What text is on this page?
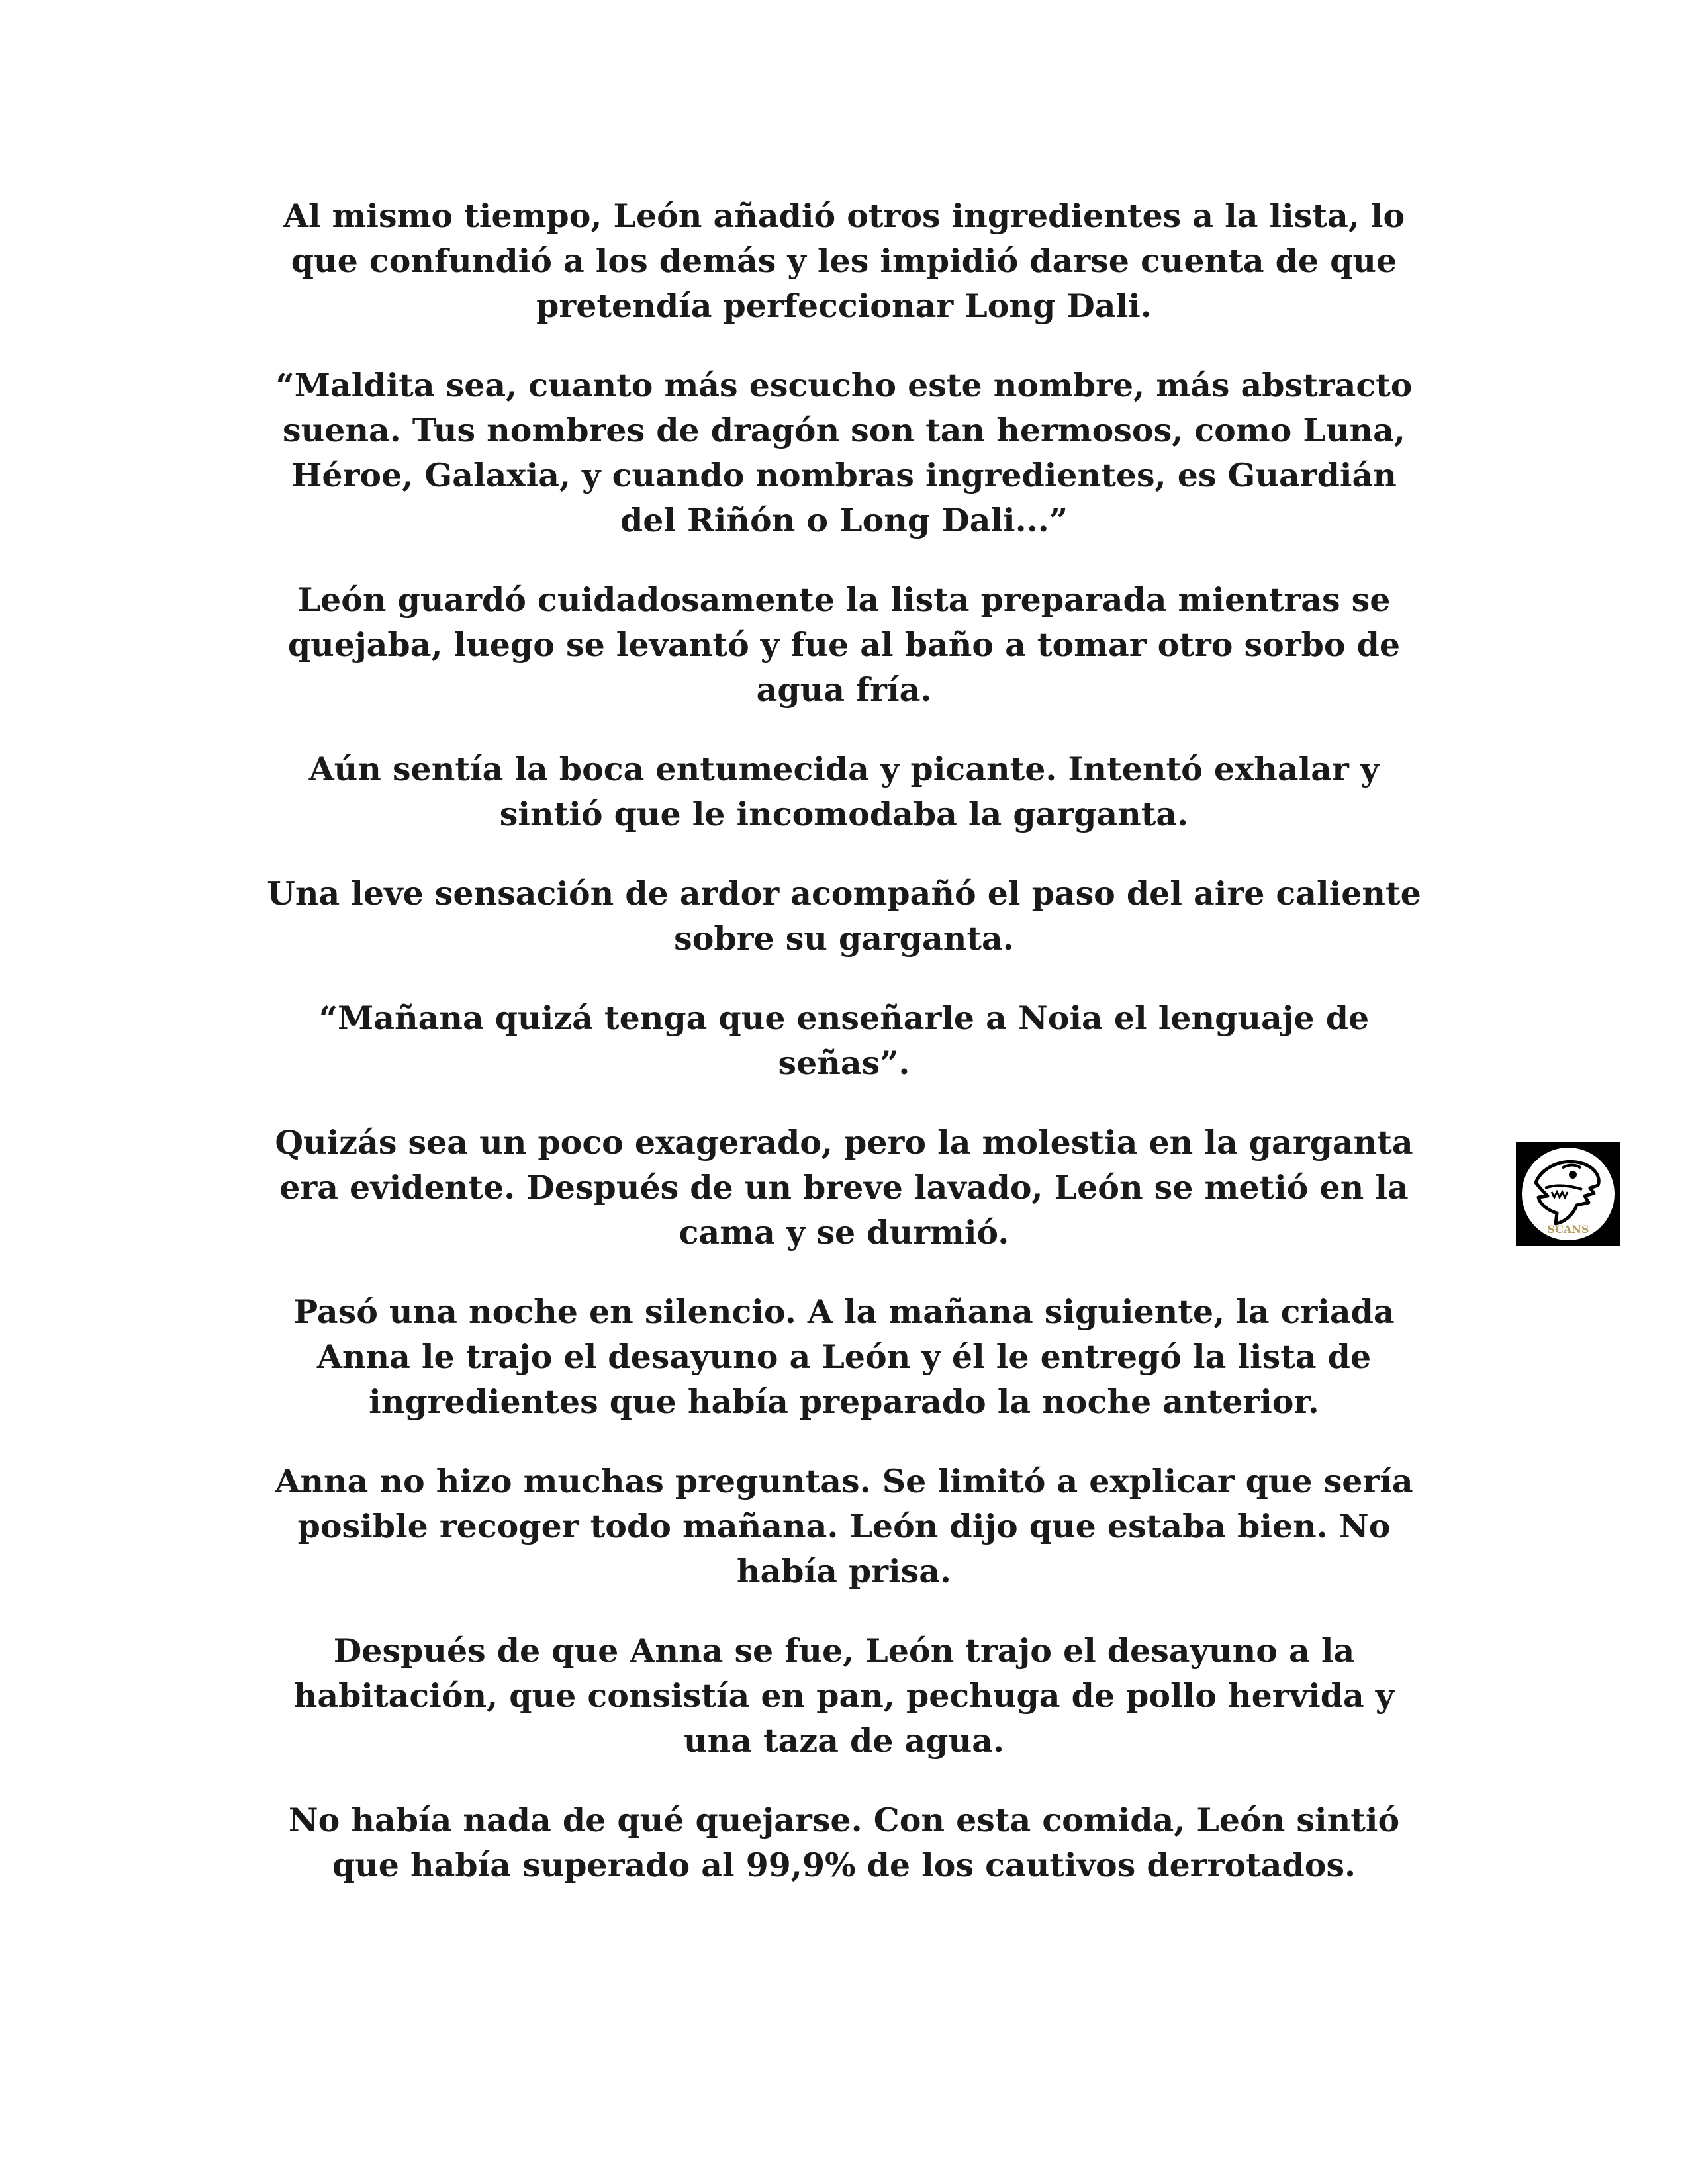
Al mismo tiempo, León añadió otros ingredientes a la lista, lo
que confundió a los demás y les impidió darse cuenta de que
pretendía perfeccionar Long Dali.

“Maldita sea, cuanto más escucho este nombre, más abstracto
suena. Tus nombres de dragón son tan hermosos, como Luna,
Héroe, Galaxia, y cuando nombras ingredientes, es Guardián
del Riñón o Long Dali...”

León guardó cuidadosamente la lista preparada mientras se
quejaba, luego se levantó y fue al baño a tomar otro sorbo de
agua fría.

Aún sentía la boca entumecida y picante. Intentó exhalar y
sintió que le incomodaba la garganta.

Una leve sensación de ardor acompañó el paso del aire caliente
sobre su garganta.

“Mañana quizá tenga que enseñarle a Noia el lenguaje de
señas”.

Quizás sea un poco exagerado, pero la molestia en la garganta
era evidente. Después de un breve lavado, León se metió en la
cama y se durmió.

Pasó una noche en silencio. A la mañana siguiente, la criada
Anna le trajo el desayuno a León y él le entregó la lista de
ingredientes que había preparado la noche anterior.

Anna no hizo muchas preguntas. Se limitó a explicar que sería
posible recoger todo mañana. León dijo que estaba bien. No
había prisa.

Después de que Anna se fue, León trajo el desayuno a la
habitación, que consistía en pan, pechuga de pollo hervida y
una taza de agua.

No había nada de qué quejarse. Con esta comida, León sintió
que había superado al 99,9% de los cautivos derrotados.

SCANS
